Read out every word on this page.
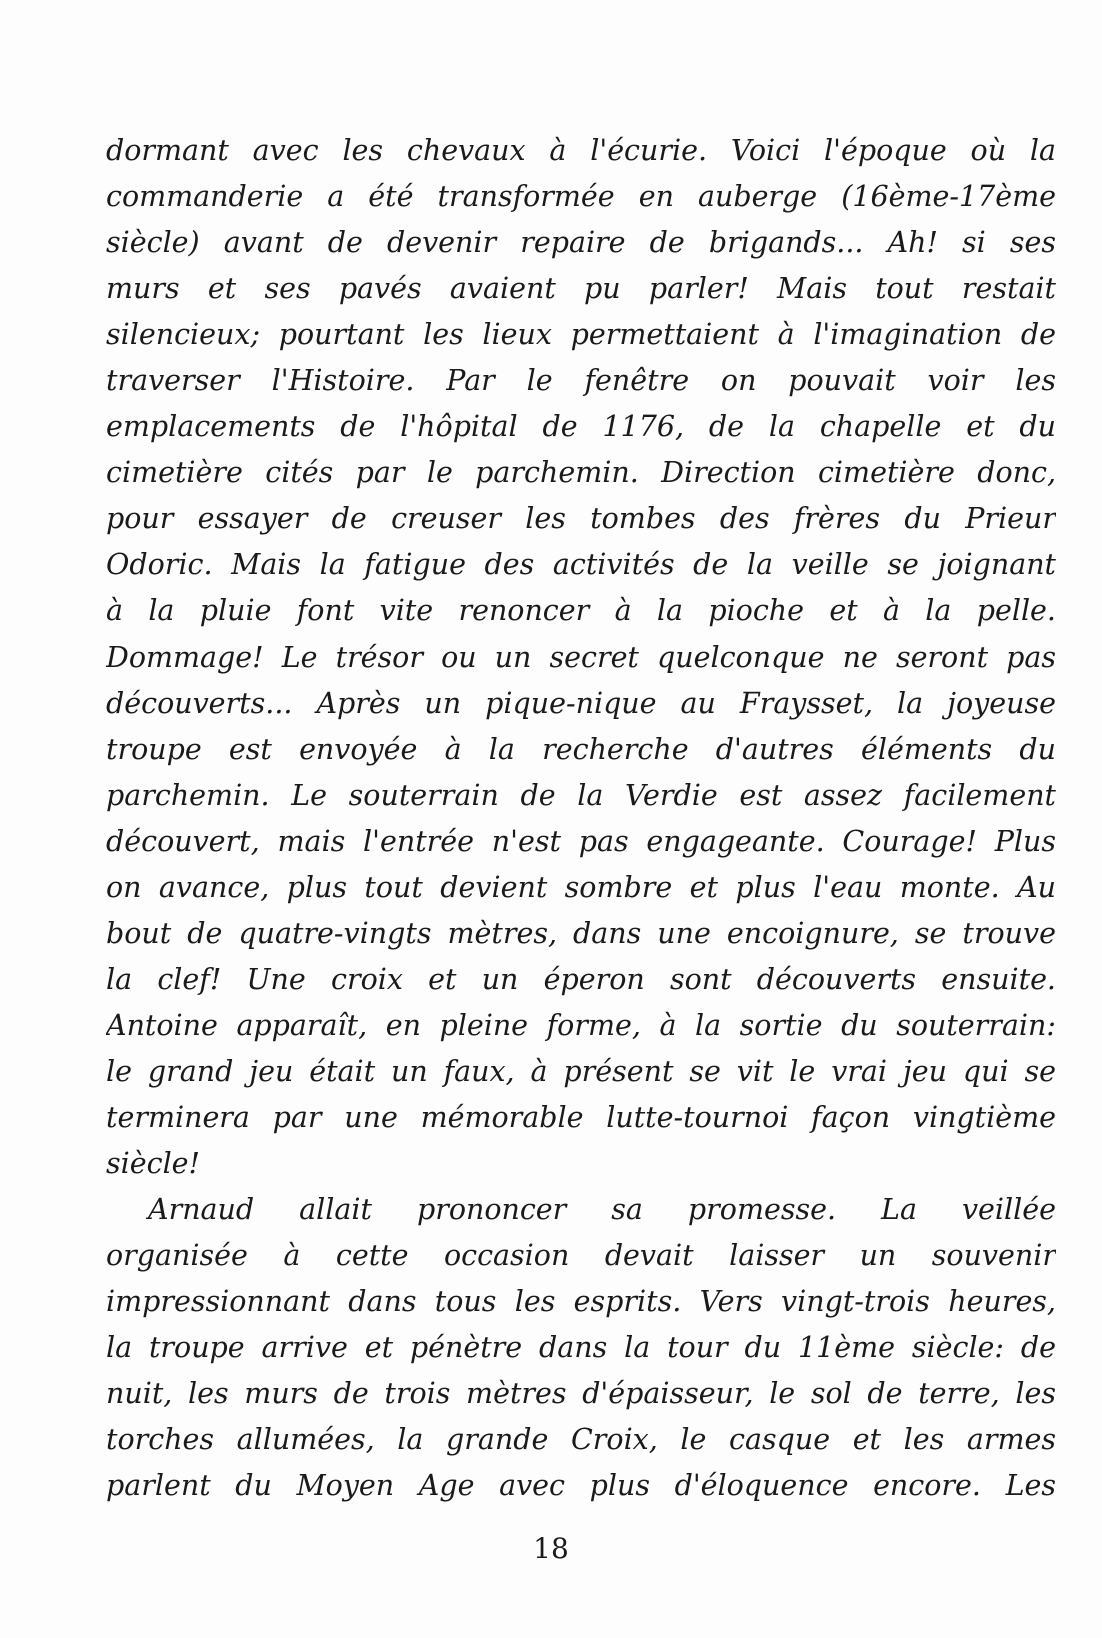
dormant avec les chevaux à l'écurie. Voici l'époque où la
commanderie a été transformée en auberge (16ème-17ème
siècle) avant de devenir repaire de brigands... Ah! si ses
murs et ses pavés avaient pu parler! Mais tout restait
silencieux; pourtant les lieux permettaient à l'imagination de
traverser l'Histoire. Par le fenêtre on pouvait voir les
emplacements de l'hôpital de 1176, de la chapelle et du
cimetière cités par le parchemin. Direction cimetière donc,
pour essayer de creuser les tombes des frères du Prieur
Odoric. Mais la fatigue des activités de la veille se joignant
à la pluie font vite renoncer à la pioche et à la pelle.
Dommage! Le trésor ou un secret quelconque ne seront pas
découverts... Après un pique-nique au Fraysset, la joyeuse
troupe est envoyée à la recherche d'autres éléments du
parchemin. Le souterrain de la Verdie est assez facilement
découvert, mais l'entrée n'est pas engageante. Courage! Plus
on avance, plus tout devient sombre et plus l'eau monte. Au
bout de quatre-vingts mètres, dans une encoignure, se trouve
la clef! Une croix et un éperon sont découverts ensuite.
Antoine apparaît, en pleine forme, à la sortie du souterrain:
le grand jeu était un faux, à présent se vit le vrai jeu qui se
terminera par une mémorable lutte-tournoi façon vingtième
siècle!
Arnaud allait prononcer sa promesse. La veillée
organisée à cette occasion devait laisser un souvenir
impressionnant dans tous les esprits. Vers vingt-trois heures,
la troupe arrive et pénètre dans la tour du 11ème siècle: de
nuit, les murs de trois mètres d'épaisseur, le sol de terre, les
torches allumées, la grande Croix, le casque et les armes
parlent du Moyen Age avec plus d'éloquence encore. Les
18
